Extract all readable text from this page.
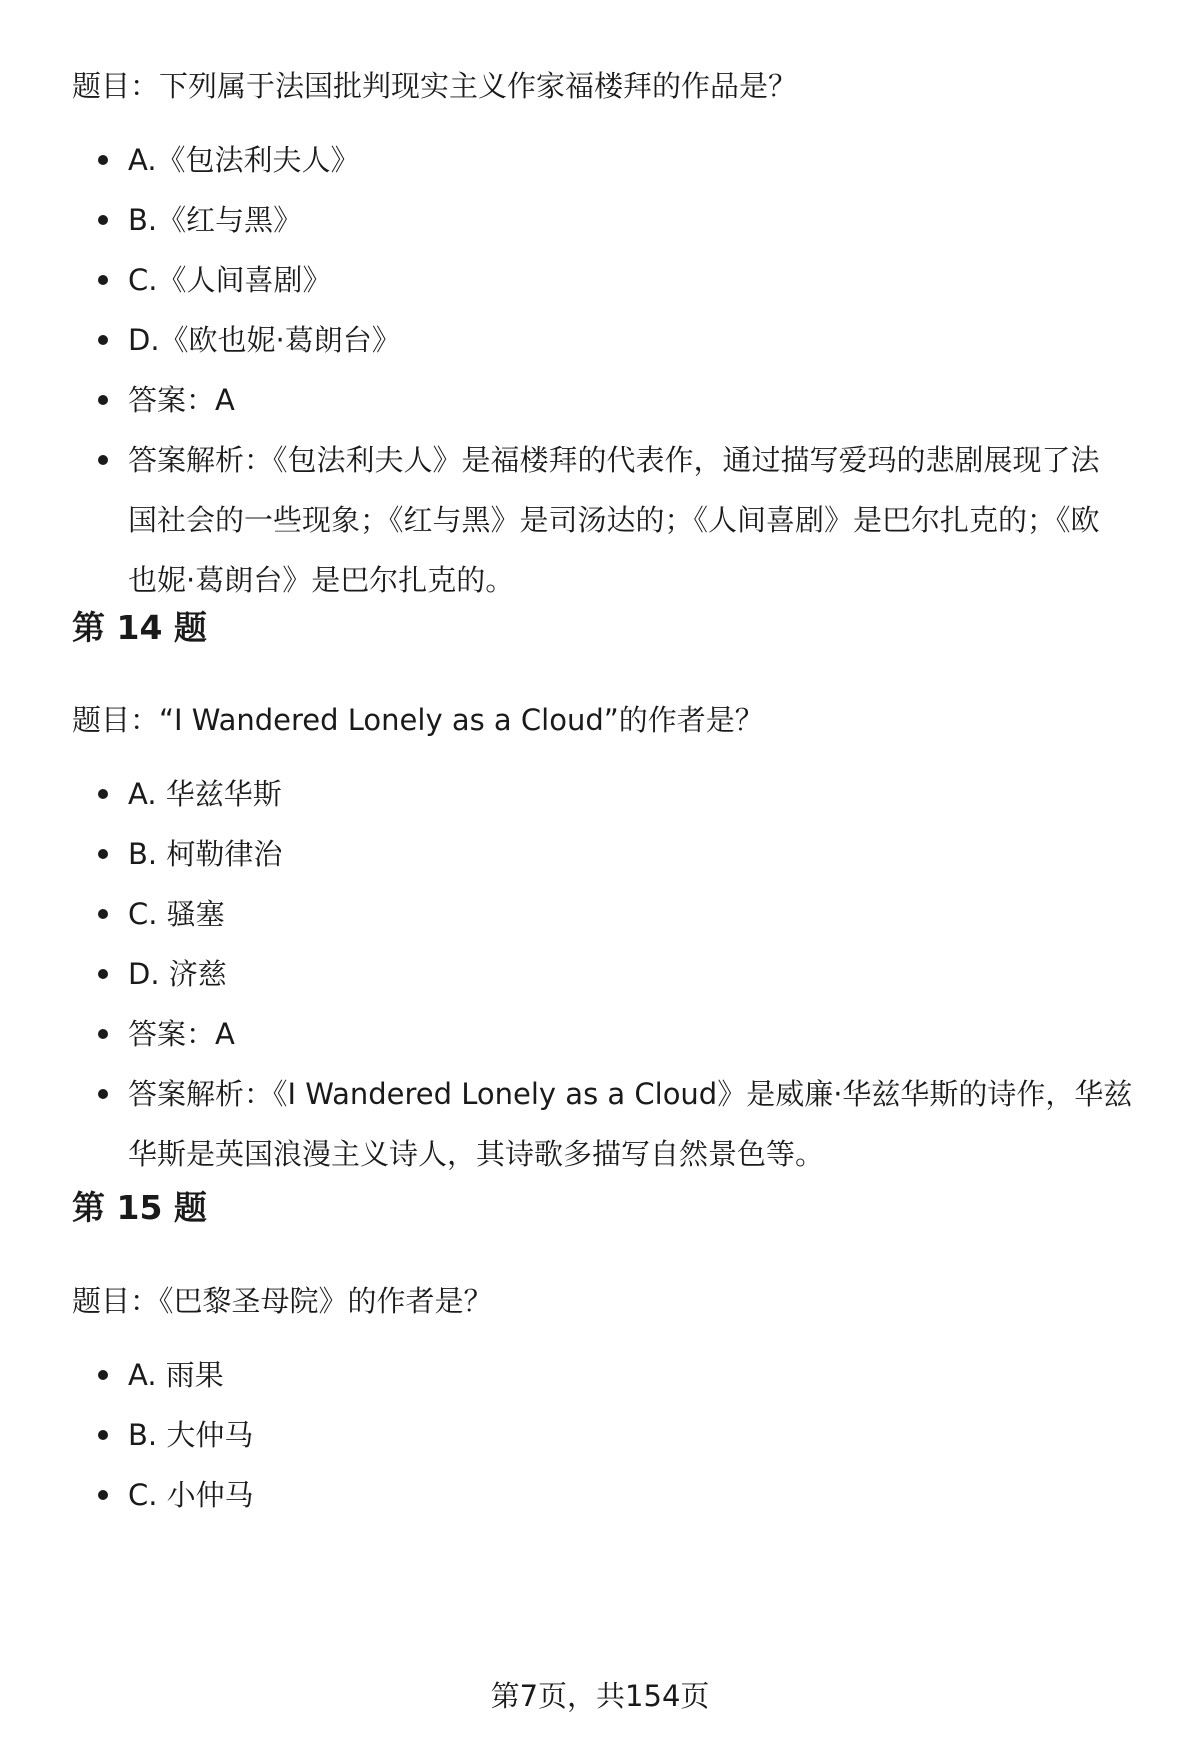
题目：下列属于法国批判现实主义作家福楼拜的作品是？
A.《包法利夫人》
B.《红与黑》
C.《人间喜剧》
D.《欧也妮·葛朗台》
答案：A
答案解析：《包法利夫人》是福楼拜的代表作，通过描写爱玛的悲剧展现了法国社会的一些现象；《红与黑》是司汤达的；《人间喜剧》是巴尔扎克的；《欧也妮·葛朗台》是巴尔扎克的。
第 14 题
题目：“I Wandered Lonely as a Cloud”的作者是？
A. 华兹华斯
B. 柯勒律治
C. 骚塞
D. 济慈
答案：A
答案解析：《I Wandered Lonely as a Cloud》是威廉·华兹华斯的诗作，华兹华斯是英国浪漫主义诗人，其诗歌多描写自然景色等。
第 15 题
题目：《巴黎圣母院》的作者是？
A. 雨果
B. 大仲马
C. 小仲马
第7页，共154页
